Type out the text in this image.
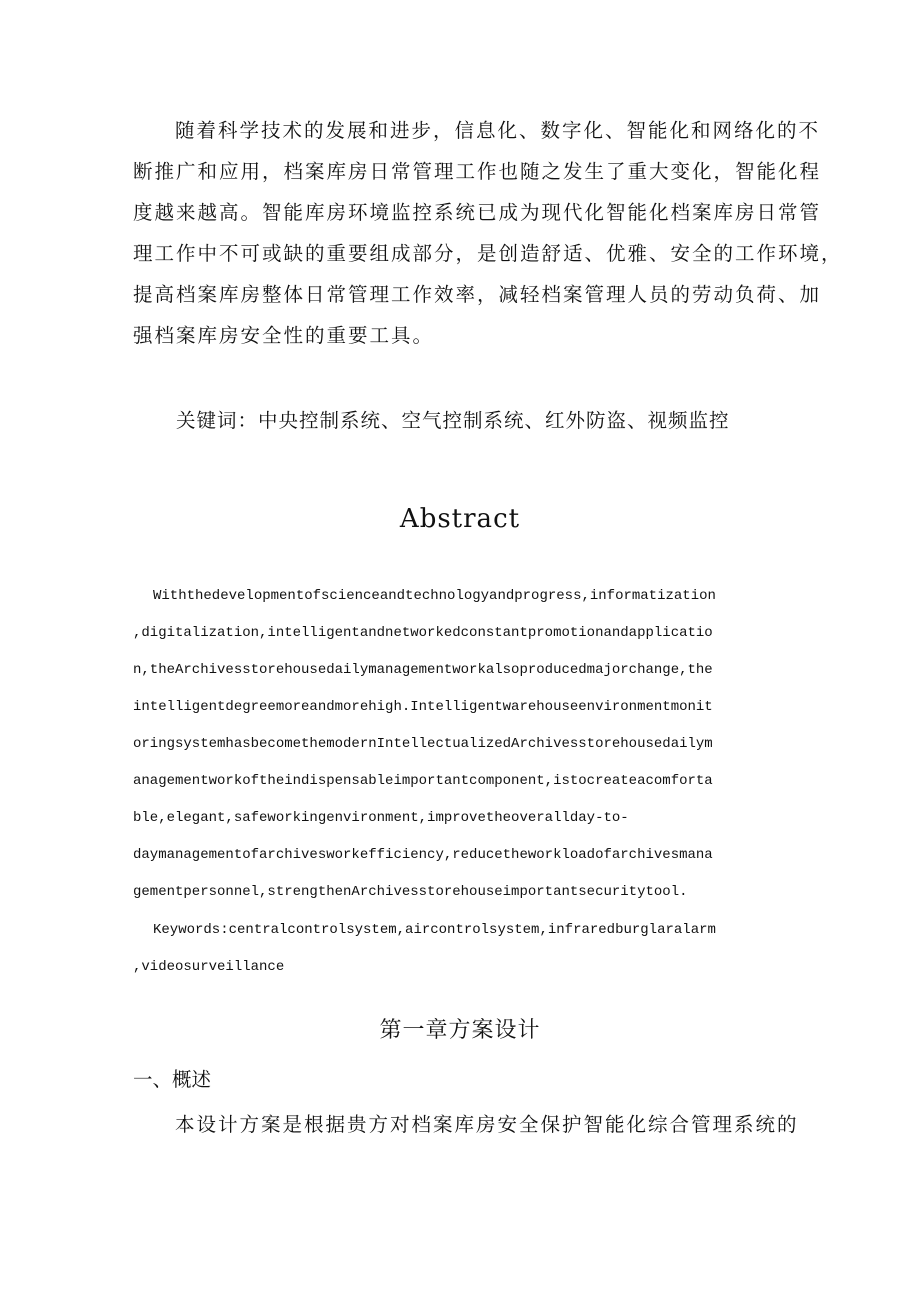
随着科学技术的发展和进步，信息化、数字化、智能化和网络化的不
断推广和应用，档案库房日常管理工作也随之发生了重大变化，智能化程
度越来越高。智能库房环境监控系统已成为现代化智能化档案库房日常管
理工作中不可或缺的重要组成部分，是创造舒适、优雅、安全的工作环境，
提高档案库房整体日常管理工作效率，减轻档案管理人员的劳动负荷、加
强档案库房安全性的重要工具。

关键词：中央控制系统、空气控制系统、红外防盗、视频监控

Abstract
Withthedevelopmentofscienceandtechnologyandprogress,informatization
,digitalization,intelligentandnetworkedconstantpromotionandapplicatio
n,theArchivesstorehousedailymanagementworkalsoproducedmajorchange,the
intelligentdegreemoreandmorehigh.Intelligentwarehouseenvironmentmonit
oringsystemhasbecomethemodernIntellectualizedArchivesstorehousedailym
anagementworkoftheindispensableimportantcomponent,istocreateacomforta
ble,elegant,safeworkingenvironment,improvetheoverallday-to-
daymanagementofarchivesworkefficiency,reducetheworkloadofarchivesmana
gementpersonnel,strengthenArchivesstorehouseimportantsecuritytool.
Keywords:centralcontrolsystem,aircontrolsystem,infraredburglaralarm
,videosurveillance
第一章方案设计
一、概述
本设计方案是根据贵方对档案库房安全保护智能化综合管理系统的
